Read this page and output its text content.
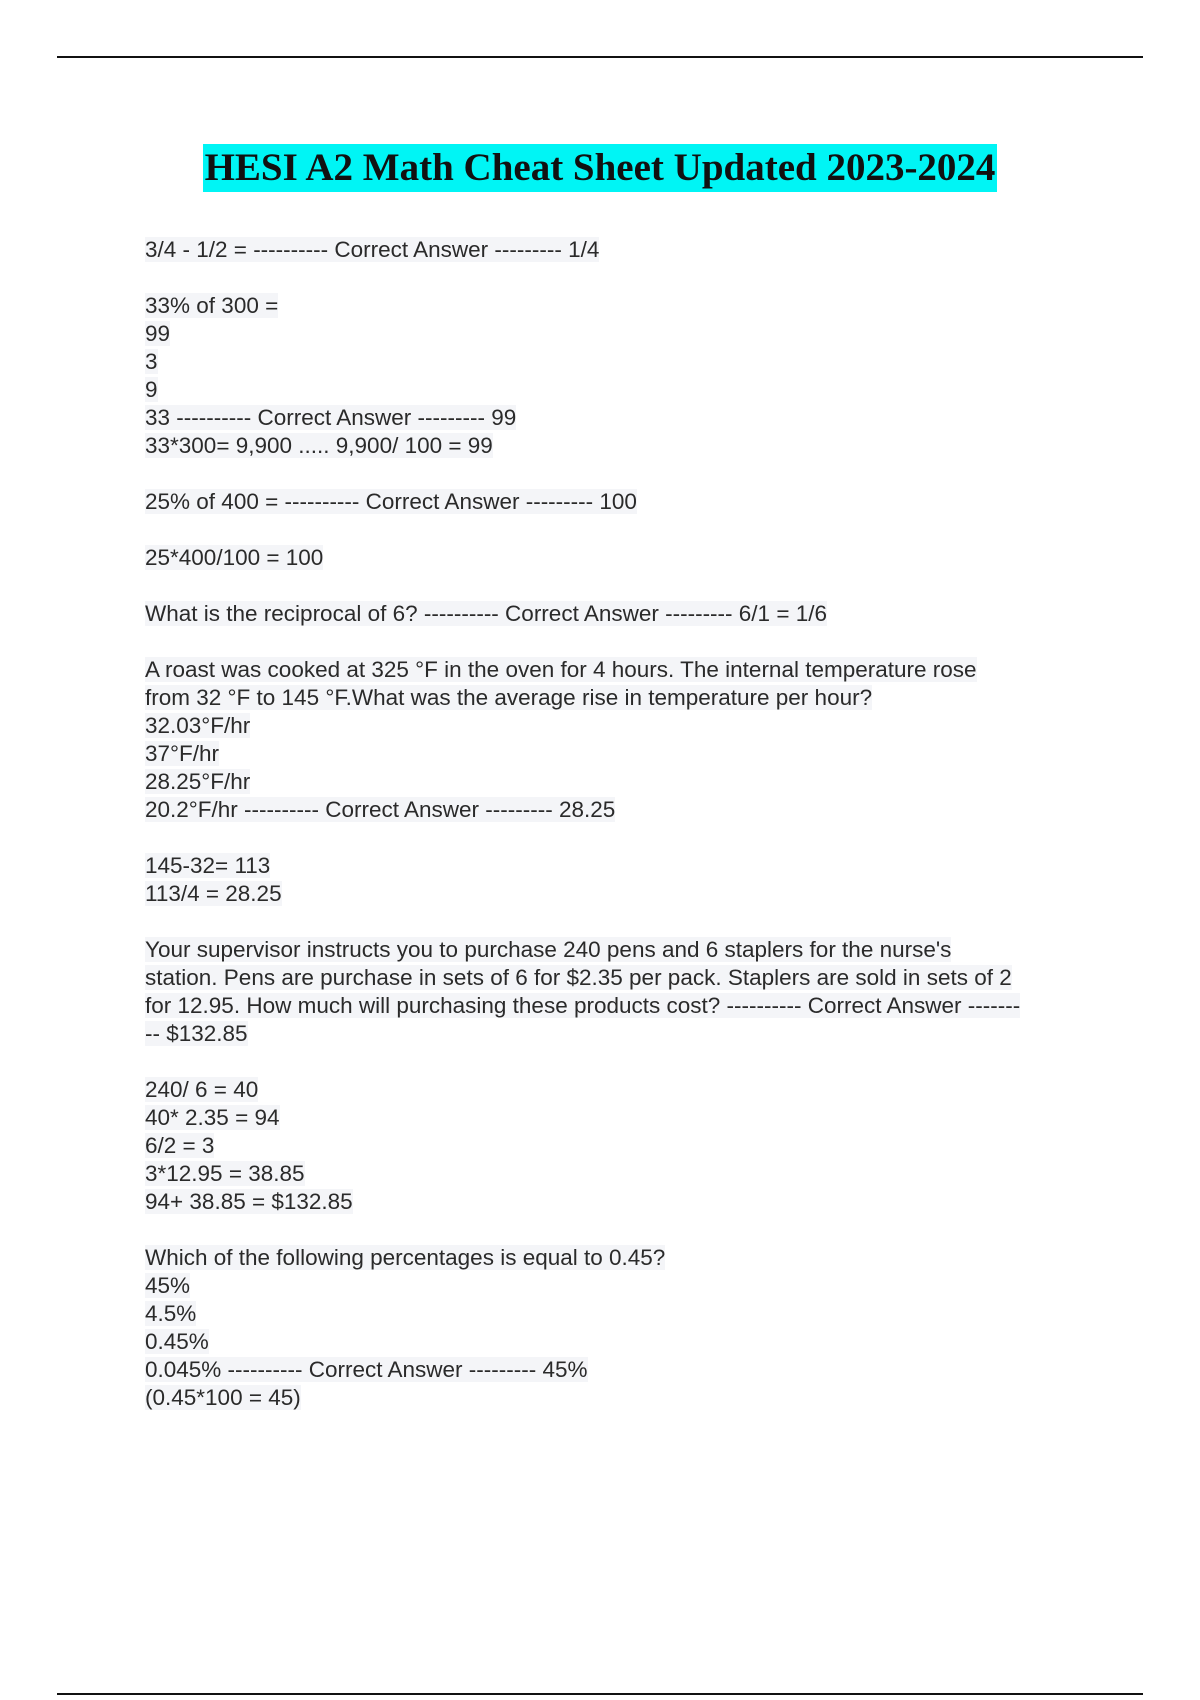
HESI A2 Math Cheat Sheet Updated 2023-2024
3/4 - 1/2 = ---------- Correct Answer --------- 1/4
33% of 300 =
99
3
9
33 ---------- Correct Answer --------- 99
33*300= 9,900 ..... 9,900/ 100 = 99
25% of 400 = ---------- Correct Answer --------- 100
25*400/100 = 100
What is the reciprocal of 6? ---------- Correct Answer --------- 6/1 = 1/6
A roast was cooked at 325 °F in the oven for 4 hours. The internal temperature rose
from 32 °F to 145 °F.What was the average rise in temperature per hour?
32.03°F/hr
37°F/hr
28.25°F/hr
20.2°F/hr ---------- Correct Answer --------- 28.25
145-32= 113
113/4 = 28.25
Your supervisor instructs you to purchase 240 pens and 6 staplers for the nurse's
station. Pens are purchase in sets of 6 for $2.35 per pack. Staplers are sold in sets of 2
for 12.95. How much will purchasing these products cost? ---------- Correct Answer -------
-- $132.85
240/ 6 = 40
40* 2.35 = 94
6/2 = 3
3*12.95 = 38.85
94+ 38.85 = $132.85
Which of the following percentages is equal to 0.45?
45%
4.5%
0.45%
0.045% ---------- Correct Answer --------- 45%
(0.45*100 = 45)
